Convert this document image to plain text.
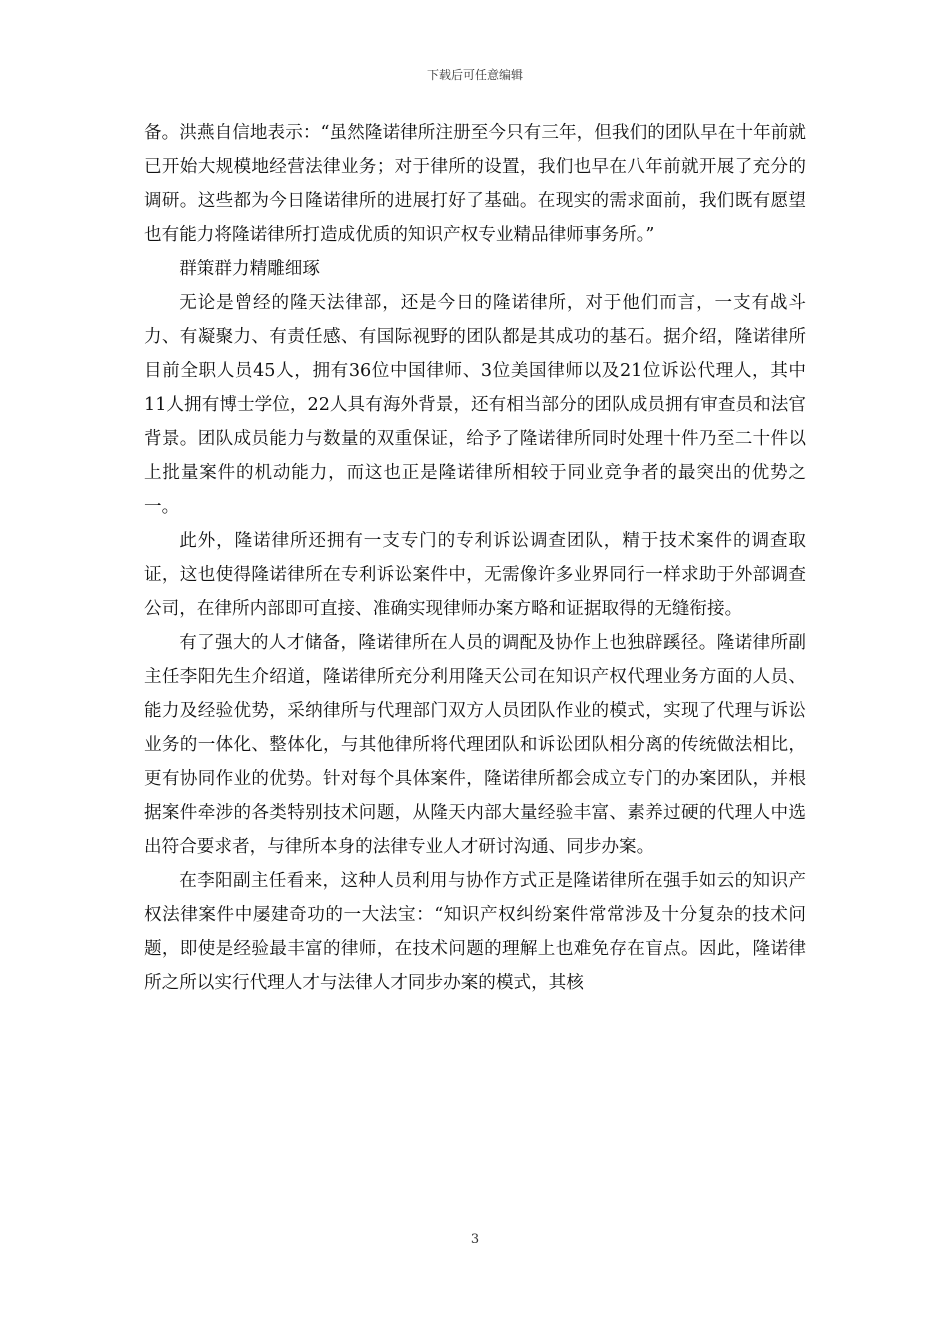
下载后可任意编辑

备。洪燕自信地表示：“虽然隆诺律所注册至今只有三年，但我们的团队早在十年前就已开始大规模地经营法律业务；对于律所的设置，我们也早在八年前就开展了充分的调研。这些都为今日隆诺律所的进展打好了基础。在现实的需求面前，我们既有愿望也有能力将隆诺律所打造成优质的知识产权专业精品律师事务所。”

群策群力精雕细琢

无论是曾经的隆天法律部，还是今日的隆诺律所，对于他们而言，一支有战斗力、有凝聚力、有责任感、有国际视野的团队都是其成功的基石。据介绍，隆诺律所目前全职人员45人，拥有36位中国律师、3位美国律师以及21位诉讼代理人，其中11人拥有博士学位，22人具有海外背景，还有相当部分的团队成员拥有审查员和法官背景。团队成员能力与数量的双重保证，给予了隆诺律所同时处理十件乃至二十件以上批量案件的机动能力，而这也正是隆诺律所相较于同业竞争者的最突出的优势之一。

此外，隆诺律所还拥有一支专门的专利诉讼调查团队，精于技术案件的调查取证，这也使得隆诺律所在专利诉讼案件中，无需像许多业界同行一样求助于外部调查公司，在律所内部即可直接、准确实现律师办案方略和证据取得的无缝衔接。

有了强大的人才储备，隆诺律所在人员的调配及协作上也独辟蹊径。隆诺律所副主任李阳先生介绍道，隆诺律所充分利用隆天公司在知识产权代理业务方面的人员、能力及经验优势，采纳律所与代理部门双方人员团队作业的模式，实现了代理与诉讼业务的一体化、整体化，与其他律所将代理团队和诉讼团队相分离的传统做法相比，更有协同作业的优势。针对每个具体案件，隆诺律所都会成立专门的办案团队，并根据案件牵涉的各类特别技术问题，从隆天内部大量经验丰富、素养过硬的代理人中选出符合要求者，与律所本身的法律专业人才研讨沟通、同步办案。

在李阳副主任看来，这种人员利用与协作方式正是隆诺律所在强手如云的知识产权法律案件中屡建奇功的一大法宝：“知识产权纠纷案件常常涉及十分复杂的技术问题，即使是经验最丰富的律师，在技术问题的理解上也难免存在盲点。因此，隆诺律所之所以实行代理人才与法律人才同步办案的模式，其核

3
